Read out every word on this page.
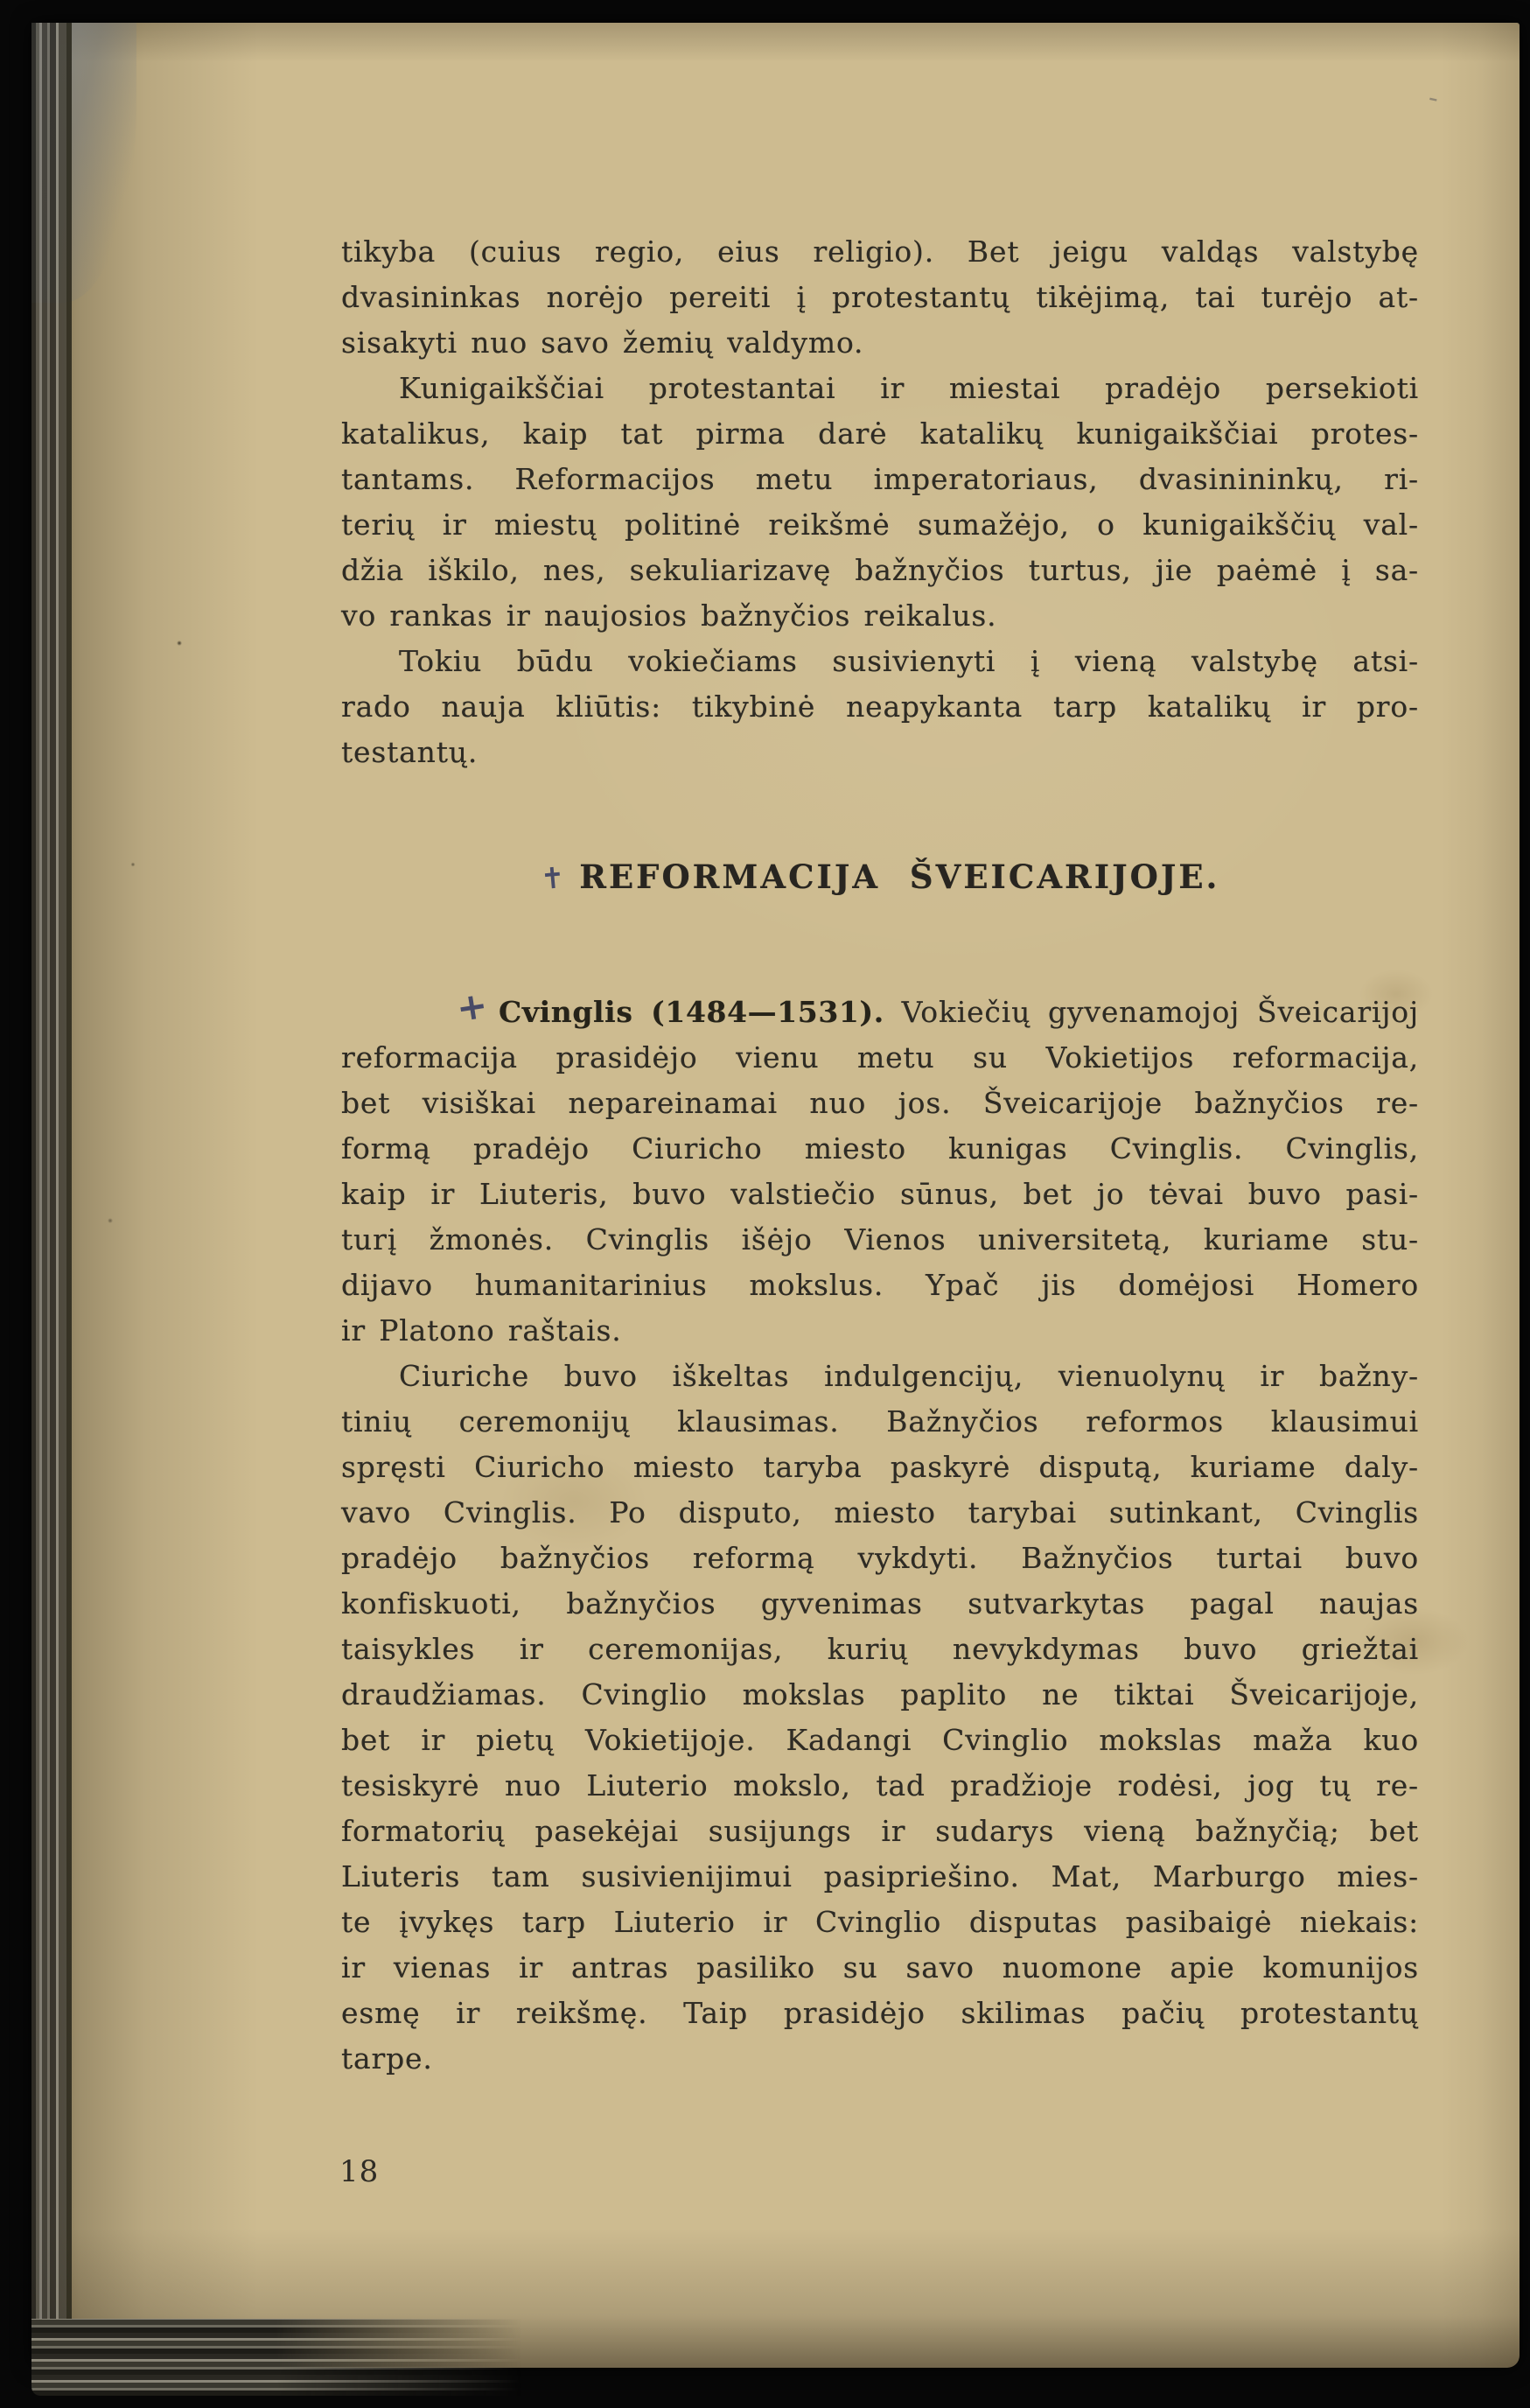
ـ
tikyba (cuius regio, eius religio). Bet jeigu valdąs valstybę
dvasininkas norėjo pereiti į protestantų tikėjimą, tai turėjo at-
sisakyti nuo savo žemių valdymo.
Kunigaikščiai protestantai ir miestai pradėjo persekioti
katalikus, kaip tat pirma darė katalikų kunigaikščiai protes-
tantams. Reformacijos metu imperatoriaus, dvasinininkų, ri-
terių ir miestų politinė reikšmė sumažėjo, o kunigaikščių val-
džia iškilo, nes, sekuliarizavę bažnyčios turtus, jie paėmė į sa-
vo rankas ir naujosios bažnyčios reikalus.
Tokiu būdu vokiečiams susivienyti į vieną valstybę atsi-
rado nauja kliūtis: tikybinė neapykanta tarp katalikų ir pro-
testantų.
✝ REFORMACIJA ŠVEICARIJOJE.
+ Cvinglis (1484—1531). Vokiečių gyvenamojoj Šveicarijoj
reformacija prasidėjo vienu metu su Vokietijos reformacija,
bet visiškai nepareinamai nuo jos. Šveicarijoje bažnyčios re-
formą pradėjo Ciuricho miesto kunigas Cvinglis. Cvinglis,
kaip ir Liuteris, buvo valstiečio sūnus, bet jo tėvai buvo pasi-
turį žmonės. Cvinglis išėjo Vienos universitetą, kuriame stu-
dijavo humanitarinius mokslus. Ypač jis domėjosi Homero
ir Platono raštais.
Ciuriche buvo iškeltas indulgencijų, vienuolynų ir bažny-
tinių ceremonijų klausimas. Bažnyčios reformos klausimui
spręsti Ciuricho miesto taryba paskyrė disputą, kuriame daly-
vavo Cvinglis. Po disputo, miesto tarybai sutinkant, Cvinglis
pradėjo bažnyčios reformą vykdyti. Bažnyčios turtai buvo
konfiskuoti, bažnyčios gyvenimas sutvarkytas pagal naujas
taisykles ir ceremonijas, kurių nevykdymas buvo griežtai
draudžiamas. Cvinglio mokslas paplito ne tiktai Šveicarijoje,
bet ir pietų Vokietijoje. Kadangi Cvinglio mokslas maža kuo
tesiskyrė nuo Liuterio mokslo, tad pradžioje rodėsi, jog tų re-
formatorių pasekėjai susijungs ir sudarys vieną bažnyčią; bet
Liuteris tam susivienijimui pasipriešino. Mat, Marburgo mies-
te įvykęs tarp Liuterio ir Cvinglio disputas pasibaigė niekais:
ir vienas ir antras pasiliko su savo nuomone apie komunijos
esmę ir reikšmę. Taip prasidėjo skilimas pačių protestantų
tarpe.
18
